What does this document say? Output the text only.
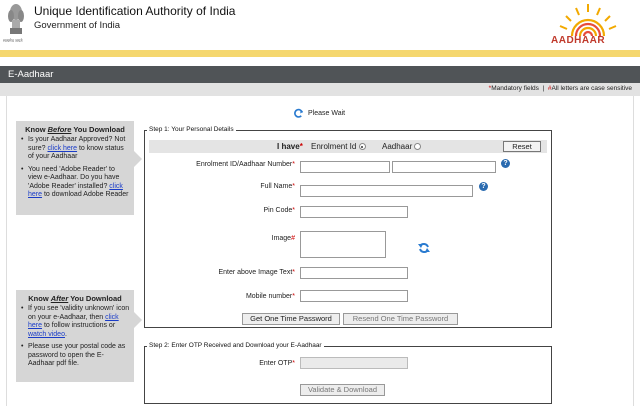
सत्यमेव जयते
Unique Identification Authority of India
Government of India
AADHAAR
E-Aadhaar
*Mandatory fields  |  #All letters are case sensitive
Know Before You Download
• Is your Aadhaar Approved? Not sure? click here to know status of your Aadhaar
• You need 'Adobe Reader' to view e-Aadhaar. Do you have 'Adobe Reader' installed? click here to download Adobe Reader
Know After You Download
• If you see 'validity unknown' icon on your e-Aadhaar, then click here to follow instructions or watch video.
• Please use your postal code as password to open the E-Aadhaar pdf file.
Please Wait
Step 1: Your Personal Details
I have* Enrolment Id	Aadhaar	Reset
Enrolment ID/Aadhaar Number*	?
Full Name*	?
Pin Code*
Image#
Enter above Image Text*
Mobile number*
Get One Time Password	Resend One Time Password
Step 2: Enter OTP Received and Download your E-Aadhaar
Enter OTP*
Validate & Download
